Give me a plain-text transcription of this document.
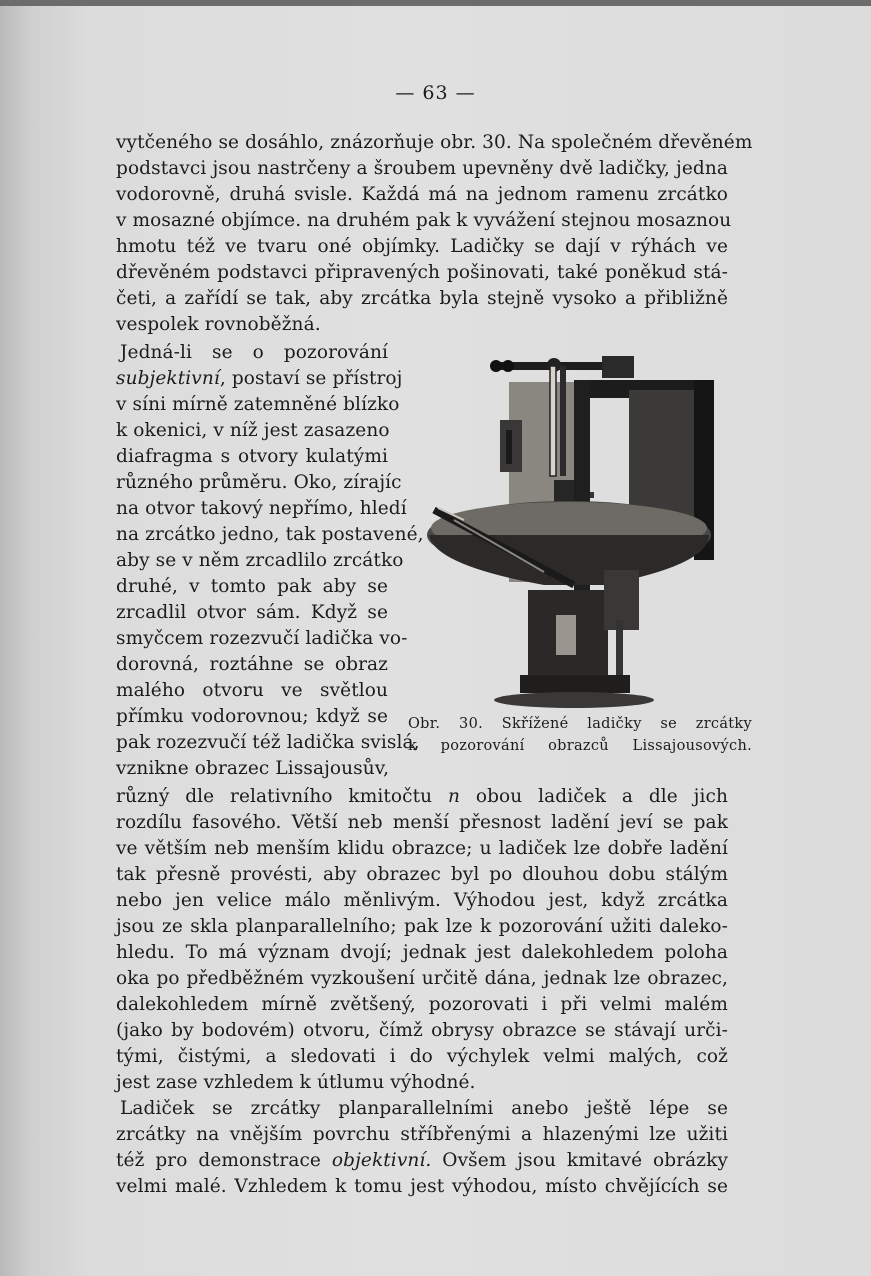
— 63 —
vytčeného se dosáhlo, znázorňuje obr. 30. Na společném dřevěném
podstavci jsou nastrčeny a šroubem upevněny dvě ladičky, jedna
vodorovně, druhá svisle. Každá má na jednom ramenu zrcátko
v mosazné objímce. na druhém pak k vyvážení stejnou mosaznou
hmotu též ve tvaru oné objímky. Ladičky se dají v rýhách ve
dřevěném podstavci připravených pošinovati, také poněkud stá-
četi, a zařídí se tak, aby zrcátka byla stejně vysoko a přibližně
vespolek rovnoběžná.
Jedná-li se o pozorování
subjektivní, postaví se přístroj
v síni mírně zatemněné blízko
k okenici, v níž jest zasazeno
diafragma s otvory kulatými
různého průměru. Oko, zírajíc
na otvor takový nepřímo, hledí
na zrcátko jedno, tak postavené,
aby se v něm zrcadlilo zrcátko
druhé, v tomto pak aby se
zrcadlil otvor sám. Když se
smyčcem rozezvučí ladička vo-
dorovná, roztáhne se obraz
malého otvoru ve světlou
přímku vodorovnou; když se
pak rozezvučí též ladička svislá,
vznikne obrazec Lissajousův,
Obr. 30. Skřížené ladičky se zrcátky
k pozorování obrazců Lissajousových.
různý dle relativního kmitočtu n obou ladiček a dle jich
rozdílu fasového. Větší neb menší přesnost ladění jeví se pak
ve větším neb menším klidu obrazce; u ladiček lze dobře ladění
tak přesně provésti, aby obrazec byl po dlouhou dobu stálým
nebo jen velice málo měnlivým. Výhodou jest, když zrcátka
jsou ze skla planparallelního; pak lze k pozorování užiti daleko-
hledu. To má význam dvojí; jednak jest dalekohledem poloha
oka po předběžném vyzkoušení určitě dána, jednak lze obrazec,
dalekohledem mírně zvětšený, pozorovati i při velmi malém
(jako by bodovém) otvoru, čímž obrysy obrazce se stávají urči-
tými, čistými, a sledovati i do výchylek velmi malých, což
jest zase vzhledem k útlumu výhodné.
Ladiček se zrcátky planparallelními anebo ještě lépe se
zrcátky na vnějším povrchu stříbřenými a hlazenými lze užiti
též pro demonstrace objektivní. Ovšem jsou kmitavé obrázky
velmi malé. Vzhledem k tomu jest výhodou, místo chvějících se
